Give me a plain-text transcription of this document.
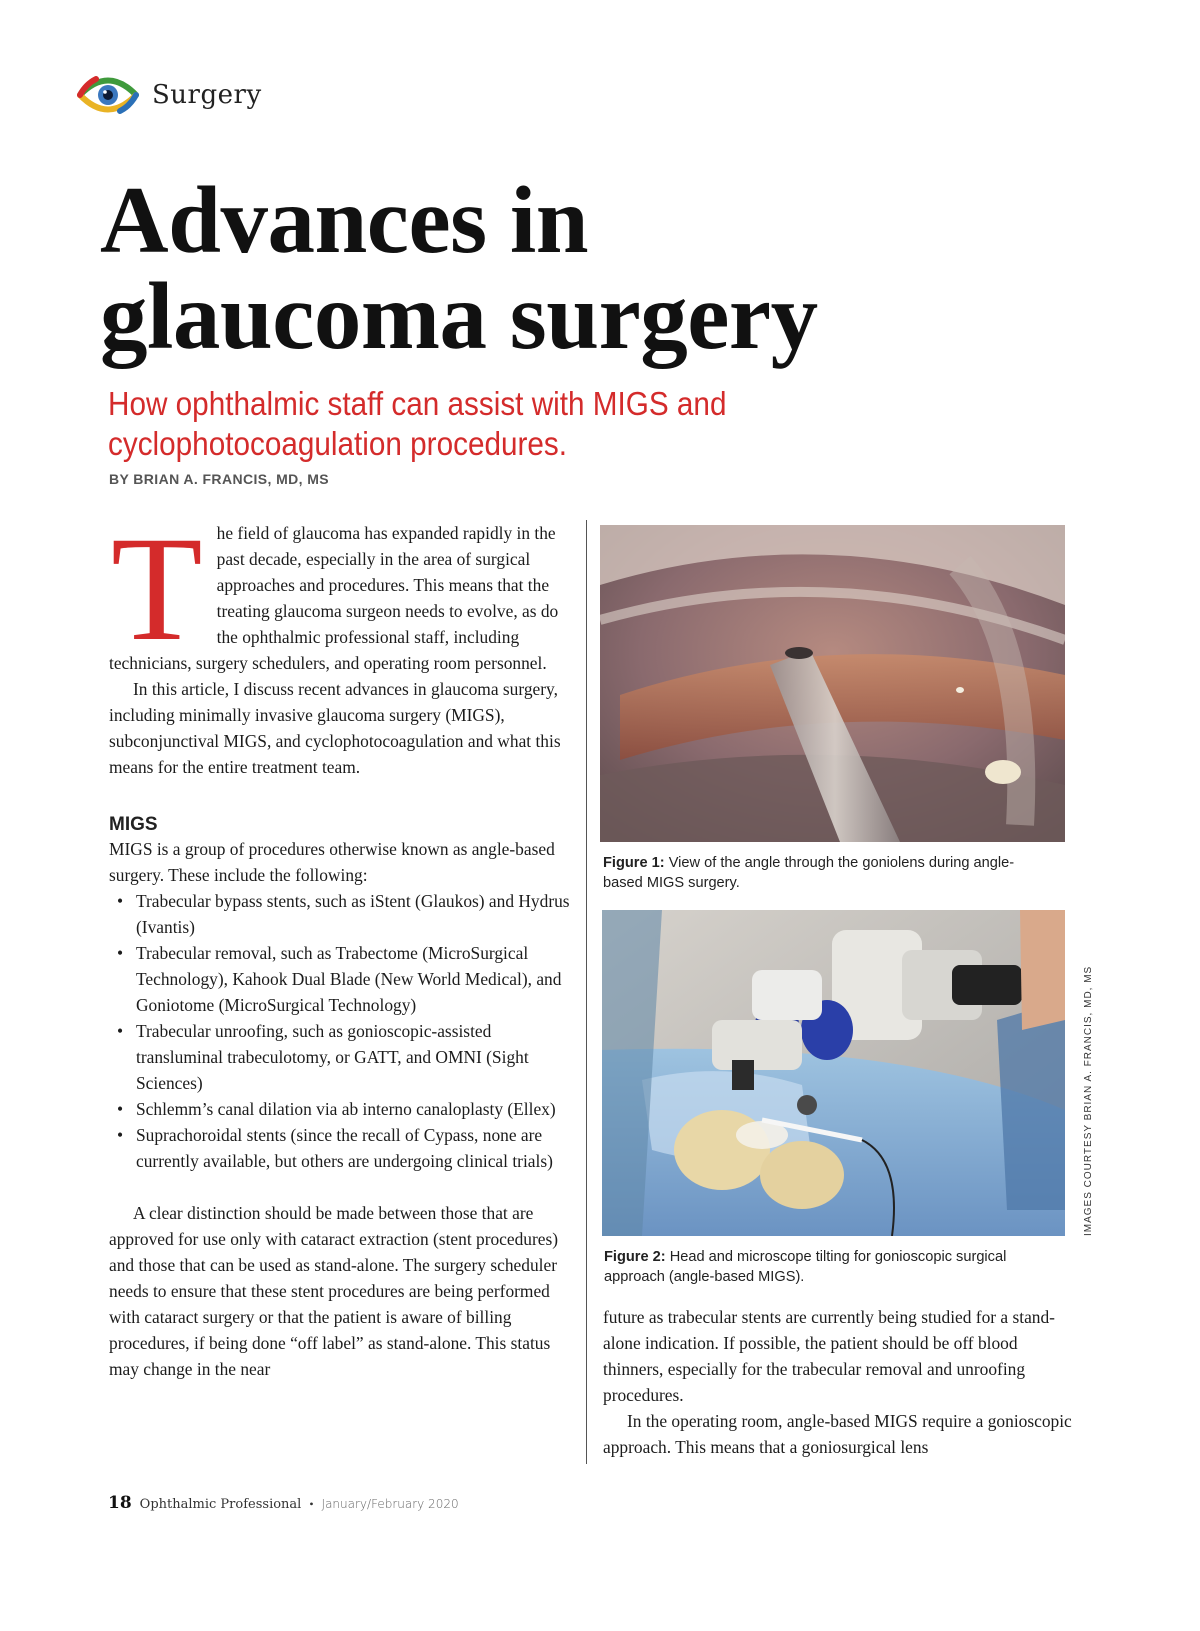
Surgery
Advances in
glaucoma surgery
How ophthalmic staff can assist with MIGS and
cyclophotocoagulation procedures.
BY BRIAN A. FRANCIS, MD, MS

T he field of glaucoma has expanded rapidly in the past decade, especially in the area of surgical approaches and procedures. This means that the treating glaucoma surgeon needs to evolve, as do the ophthalmic professional staff, including technicians, surgery schedulers, and operating room personnel.

In this article, I discuss recent advances in glaucoma surgery, including minimally invasive glaucoma surgery (MIGS), subconjunctival MIGS, and cyclophotocoagulation and what this means for the entire treatment team.

MIGS

MIGS is a group of procedures otherwise known as angle-based surgery. These include the following:

• Trabecular bypass stents, such as iStent (Glaukos) and Hydrus (Ivantis)
• Trabecular removal, such as Trabectome (MicroSurgical Technology), Kahook Dual Blade (New World Medical), and Goniotome (MicroSurgical Technology)
• Trabecular unroofing, such as gonioscopic-assisted transluminal trabeculotomy, or GATT, and OMNI (Sight Sciences)
• Schlemm’s canal dilation via ab interno canaloplasty (Ellex)
• Suprachoroidal stents (since the recall of Cypass, none are currently available, but others are undergoing clinical trials)

A clear distinction should be made between those that are approved for use only with cataract extraction (stent procedures) and those that can be used as stand-alone. The surgery scheduler needs to ensure that these stent procedures are being performed with cataract surgery or that the patient is aware of billing procedures, if being done “off label” as stand-alone. This status may change in the near

Figure 1: View of the angle through the goniolens during angle-based MIGS surgery.
Figure 2: Head and microscope tilting for gonioscopic surgical approach (angle-based MIGS).
IMAGES COURTESY BRIAN A. FRANCIS, MD, MS

future as trabecular stents are currently being studied for a stand-alone indication. If possible, the patient should be off blood thinners, especially for the trabecular removal and unroofing procedures.

In the operating room, angle-based MIGS require a gonioscopic approach. This means that a goniosurgical lens

18 Ophthalmic Professional • January/February 2020
